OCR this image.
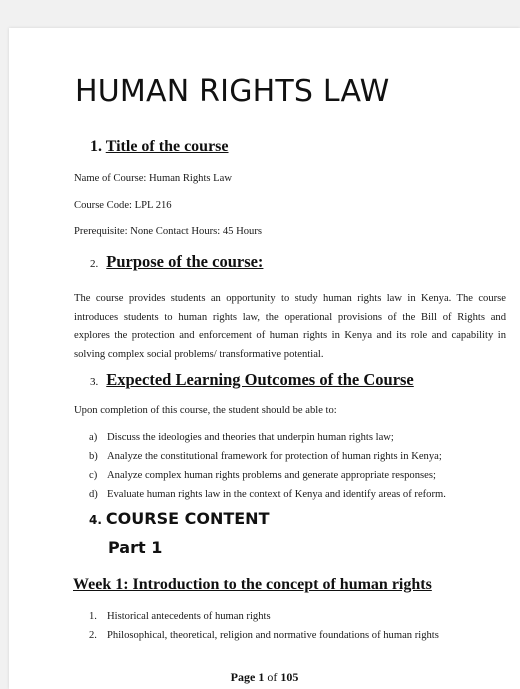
HUMAN RIGHTS LAW
1. Title of the course
Name of Course: Human Rights Law
Course Code: LPL 216
Prerequisite: None Contact Hours: 45 Hours
2. Purpose of the course:
The course provides students an opportunity to study human rights law in Kenya. The course
introduces students to human rights law, the operational provisions of the Bill of Rights and
explores the protection and enforcement of human rights in Kenya and its role and capability in
solving complex social problems/ transformative potential.
3. Expected Learning Outcomes of the Course
Upon completion of this course, the student should be able to:
a) Discuss the ideologies and theories that underpin human rights law;
b) Analyze the constitutional framework for protection of human rights in Kenya;
c) Analyze complex human rights problems and generate appropriate responses;
d) Evaluate human rights law in the context of Kenya and identify areas of reform.
4. COURSE CONTENT
Part 1
Week 1: Introduction to the concept of human rights
1. Historical antecedents of human rights
2. Philosophical, theoretical, religion and normative foundations of human rights
Page 1 of 105
